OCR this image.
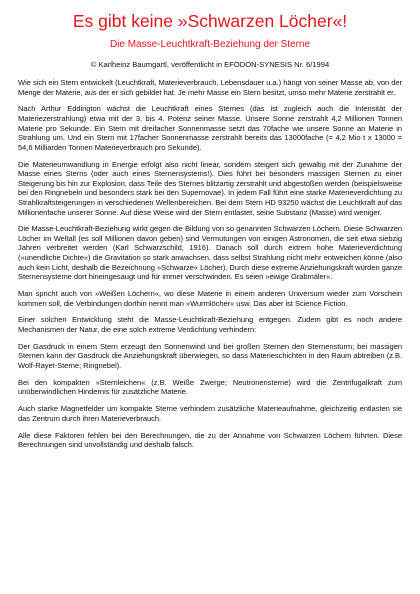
Es gibt keine »Schwarzen Löcher«!
Die Masse-Leuchtkraft-Beziehung der Sterne
© Karlheinz Baumgartl, veröffentlicht in EFODON-SYNESIS Nr. 6/1994

Wie sich ein Stern entwickelt (Leuchtkraft, Materieverbrauch, Lebensdauer u.a.) hängt von seiner Masse ab, von der Menge der Materie, aus der er sich gebildet hat. Je mehr Masse ein Stern besitzt, umso mehr Materie zerstrahlt er.

Nach Arthur Eddington wächst die Leuchtkraft eines Sternes (das ist zugleich auch die Intensität der Materiezerstrahlung) etwa mit der 3. bis 4. Potenz seiner Masse. Unsere Sonne zerstrahlt 4,2 Millionen Tonnen Materie pro Sekunde. Ein Stern mit dreifacher Sonnenmasse setzt das 70fache wie unsere Sonne an Materie in Strahlung um. Und ein Stern mit 17facher Sonnenmasse zerstrahlt bereits das 13000fache (= 4,2 Mio t x 13000 = 54,6 Milliarden Tonnen Materieverbrauch pro Sekunde).

Die Materieumwandlung in Energie erfolgt also nicht linear, sondern steigert sich gewaltig mit der Zunahme der Masse eines Sterns (oder auch eines Sternensystems!). Dies führt bei besonders massigen Sternen zu einer Steigerung bis hin zur Explosion, dass Teile des Sternes blitzartig zerstrahlt und abgestoßen werden (beispielsweise bei den Ringnebeln und besonders stark bei den Supernovae). In jedem Fall führt eine starke Materieverdichtung zu Strahlkraftsteigerungen in verschiedenen Wellenbereichen. Bei dem Stern HD 93250 wächst die Leuchtkraft auf das Millionenfache unserer Sonne. Auf diese Weise wird der Stern entlastet, seine Substanz (Masse) wird weniger.

Die Masse-Leuchtkraft-Beziehung wirkt gegen die Bildung von so genannten Schwarzen Löchern. Diese Schwarzen Löcher im Weltall (es soll Millionen davon geben) sind Vermutungen von einigen Astronomen, die seit etwa siebzig Jahren verbreitet werden (Karl Schwarzschild, 1916). Danach soll durch extrem hohe Materieverdichtung (»unendliche Dichte«) die Gravitation so stark anwachsen, dass selbst Strahlung nicht mehr entweichen könne (also auch kein Licht, deshalb die Bezeichnung »Schwarze« Löcher). Durch diese extreme Anziehungskraft würden ganze Sternensysteme dort hineingesaugt und für immer verschwinden. Es seien »ewige Grabmäler«.

Man spricht auch von »Weißen Löchern«, wo diese Materie in einem anderen Universum wieder zum Vorschein kommen soll, die Verbindungen dorthin nennt man »Wurmlöcher« usw. Das aber ist Science Fiction.

Einer solchen Entwicklung steht die Masse-Leuchtkraft-Beziehung entgegen. Zudem gibt es noch andere Mechanismen der Natur, die eine solch extreme Verdichtung verhindern:

Der Gasdruck in einem Stern erzeugt den Sonnenwind und bei großen Sternen den Sternensturm; bei massigen Sternen kann der Gasdruck die Anziehungskraft überwiegen, so dass Materieschichten in den Raum abtreiben (z.B. Wolf-Rayet-Sterne; Ringnebel).

Bei den kompakten »Sternleichen« (z.B. Weiße Zwerge; Neutronensterne) wird die Zentrifugalkraft zum unüberwindlichen Hindernis für zusätzliche Materie.

Auch starke Magnetfelder um kompakte Sterne verhindern zusätzliche Materieaufnahme, gleichzeitig entlasten sie das Zentrum durch ihren Materieverbrauch.

Alle diese Faktoren fehlen bei den Berechnungen, die zu der Annahme von Schwarzen Löchern führten. Diese Berechnungen sind unvollständig und deshalb falsch.
